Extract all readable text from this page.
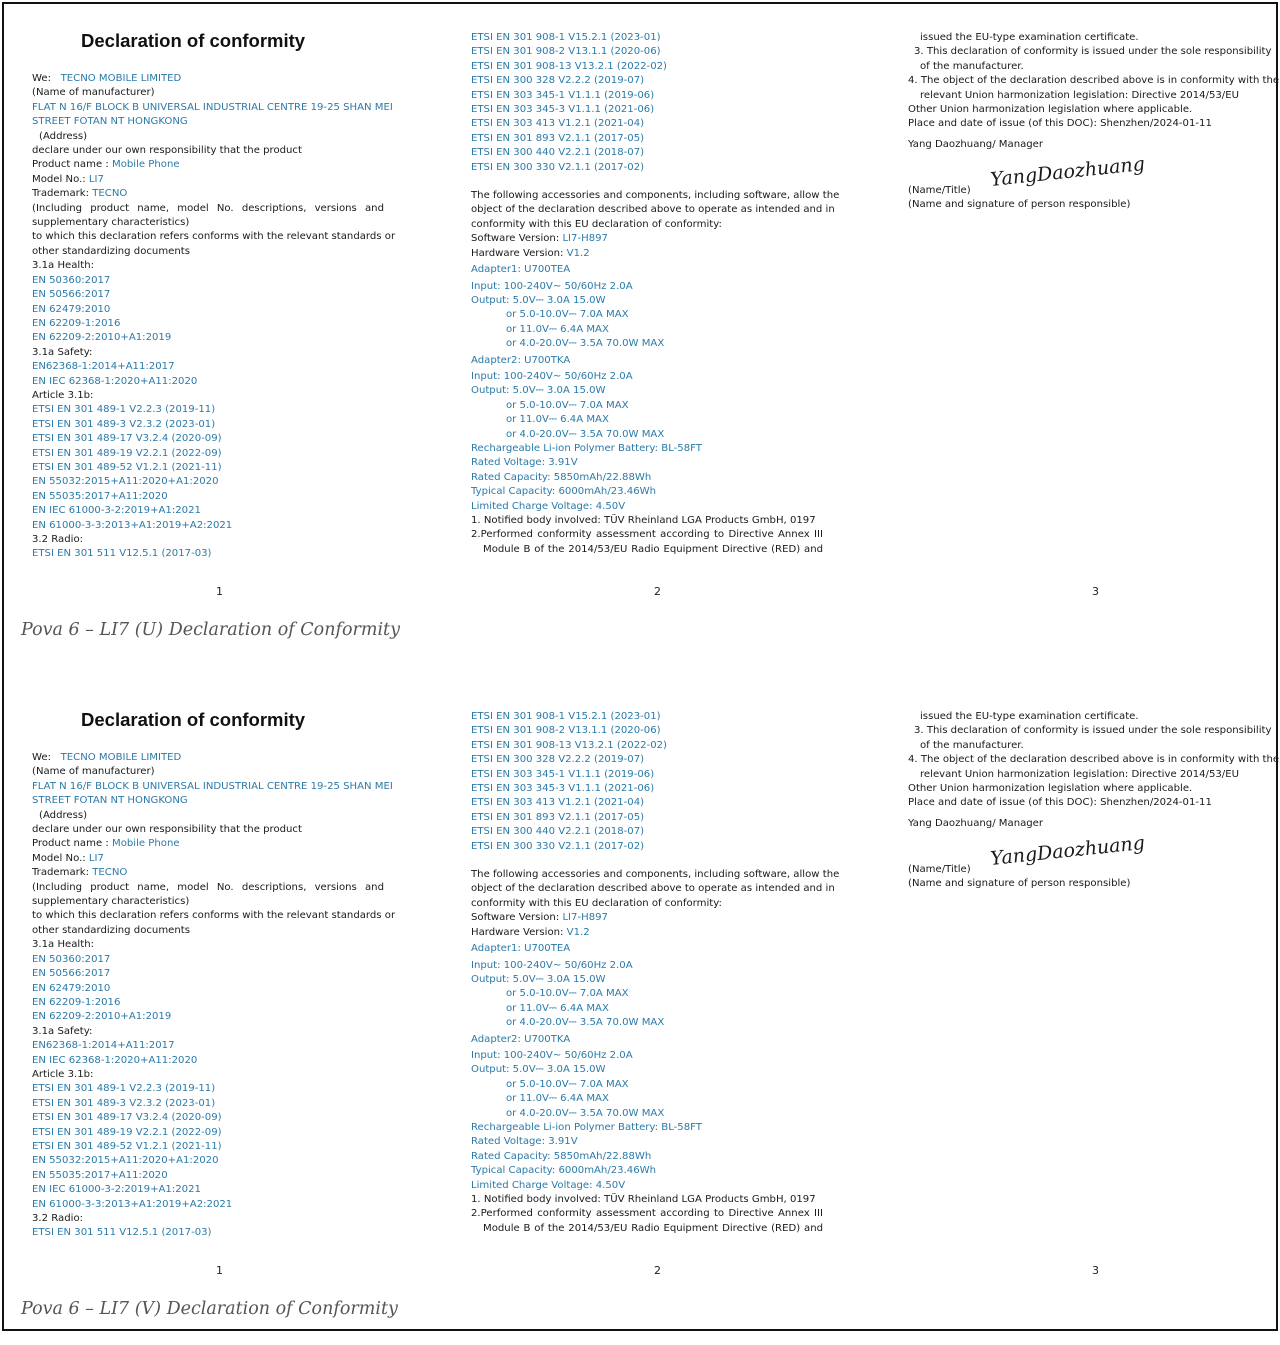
Declaration of conformity
We: TECNO MOBILE LIMITED
(Name of manufacturer)
FLAT N 16/F BLOCK B UNIVERSAL INDUSTRIAL CENTRE 19-25 SHAN MEI
STREET FOTAN NT HONGKONG
(Address)
declare under our own responsibility that the product
Product name : Mobile Phone
Model No.: LI7
Trademark: TECNO
(Including product name, model No. descriptions, versions and
supplementary characteristics)
to which this declaration refers conforms with the relevant standards or
other standardizing documents
3.1a Health:
EN 50360:2017
EN 50566:2017
EN 62479:2010
EN 62209-1:2016
EN 62209-2:2010+A1:2019
3.1a Safety:
EN62368-1:2014+A11:2017
EN IEC 62368-1:2020+A11:2020
Article 3.1b:
ETSI EN 301 489-1 V2.2.3 (2019-11)
ETSI EN 301 489-3 V2.3.2 (2023-01)
ETSI EN 301 489-17 V3.2.4 (2020-09)
ETSI EN 301 489-19 V2.2.1 (2022-09)
ETSI EN 301 489-52 V1.2.1 (2021-11)
EN 55032:2015+A11:2020+A1:2020
EN 55035:2017+A11:2020
EN IEC 61000-3-2:2019+A1:2021
EN 61000-3-3:2013+A1:2019+A2:2021
3.2 Radio:
ETSI EN 301 511 V12.5.1 (2017-03)
ETSI EN 301 908-1 V15.2.1 (2023-01)
ETSI EN 301 908-2 V13.1.1 (2020-06)
ETSI EN 301 908-13 V13.2.1 (2022-02)
ETSI EN 300 328 V2.2.2 (2019-07)
ETSI EN 303 345-1 V1.1.1 (2019-06)
ETSI EN 303 345-3 V1.1.1 (2021-06)
ETSI EN 303 413 V1.2.1 (2021-04)
ETSI EN 301 893 V2.1.1 (2017-05)
ETSI EN 300 440 V2.2.1 (2018-07)
ETSI EN 300 330 V2.1.1 (2017-02)
The following accessories and components, including software, allow the
object of the declaration described above to operate as intended and in
conformity with this EU declaration of conformity:
Software Version: LI7-H897
Hardware Version: V1.2
Adapter1: U700TEA
Input: 100-240V~ 50/60Hz 2.0A
Output: 5.0V⎓ 3.0A 15.0W
or 5.0-10.0V⎓ 7.0A MAX
or 11.0V⎓ 6.4A MAX
or 4.0-20.0V⎓ 3.5A 70.0W MAX
Adapter2: U700TKA
Input: 100-240V~ 50/60Hz 2.0A
Output: 5.0V⎓ 3.0A 15.0W
or 5.0-10.0V⎓ 7.0A MAX
or 11.0V⎓ 6.4A MAX
or 4.0-20.0V⎓ 3.5A 70.0W MAX
Rechargeable Li-ion Polymer Battery: BL-58FT
Rated Voltage: 3.91V
Rated Capacity: 5850mAh/22.88Wh
Typical Capacity: 6000mAh/23.46Wh
Limited Charge Voltage: 4.50V
1. Notified body involved: TÜV Rheinland LGA Products GmbH, 0197
2.Performed conformity assessment according to Directive Annex III
Module B of the 2014/53/EU Radio Equipment Directive (RED) and
issued the EU-type examination certificate.
3. This declaration of conformity is issued under the sole responsibility
of the manufacturer.
4. The object of the declaration described above is in conformity with the
relevant Union harmonization legislation: Directive 2014/53/EU
Other Union harmonization legislation where applicable.
Place and date of issue (of this DOC): Shenzhen/2024-01-11
Yang Daozhuang/ Manager
YangDaozhuang
(Name/Title)
(Name and signature of person responsible)
1	2	3
Pova 6 – LI7 (U) Declaration of Conformity
Declaration of conformity
We: TECNO MOBILE LIMITED
(Name of manufacturer)
FLAT N 16/F BLOCK B UNIVERSAL INDUSTRIAL CENTRE 19-25 SHAN MEI
STREET FOTAN NT HONGKONG
(Address)
declare under our own responsibility that the product
Product name : Mobile Phone
Model No.: LI7
Trademark: TECNO
(Including product name, model No. descriptions, versions and
supplementary characteristics)
to which this declaration refers conforms with the relevant standards or
other standardizing documents
3.1a Health:
EN 50360:2017
EN 50566:2017
EN 62479:2010
EN 62209-1:2016
EN 62209-2:2010+A1:2019
3.1a Safety:
EN62368-1:2014+A11:2017
EN IEC 62368-1:2020+A11:2020
Article 3.1b:
ETSI EN 301 489-1 V2.2.3 (2019-11)
ETSI EN 301 489-3 V2.3.2 (2023-01)
ETSI EN 301 489-17 V3.2.4 (2020-09)
ETSI EN 301 489-19 V2.2.1 (2022-09)
ETSI EN 301 489-52 V1.2.1 (2021-11)
EN 55032:2015+A11:2020+A1:2020
EN 55035:2017+A11:2020
EN IEC 61000-3-2:2019+A1:2021
EN 61000-3-3:2013+A1:2019+A2:2021
3.2 Radio:
ETSI EN 301 511 V12.5.1 (2017-03)
ETSI EN 301 908-1 V15.2.1 (2023-01)
ETSI EN 301 908-2 V13.1.1 (2020-06)
ETSI EN 301 908-13 V13.2.1 (2022-02)
ETSI EN 300 328 V2.2.2 (2019-07)
ETSI EN 303 345-1 V1.1.1 (2019-06)
ETSI EN 303 345-3 V1.1.1 (2021-06)
ETSI EN 303 413 V1.2.1 (2021-04)
ETSI EN 301 893 V2.1.1 (2017-05)
ETSI EN 300 440 V2.2.1 (2018-07)
ETSI EN 300 330 V2.1.1 (2017-02)
The following accessories and components, including software, allow the
object of the declaration described above to operate as intended and in
conformity with this EU declaration of conformity:
Software Version: LI7-H897
Hardware Version: V1.2
Adapter1: U700TEA
Input: 100-240V~ 50/60Hz 2.0A
Output: 5.0V⎓ 3.0A 15.0W
or 5.0-10.0V⎓ 7.0A MAX
or 11.0V⎓ 6.4A MAX
or 4.0-20.0V⎓ 3.5A 70.0W MAX
Adapter2: U700TKA
Input: 100-240V~ 50/60Hz 2.0A
Output: 5.0V⎓ 3.0A 15.0W
or 5.0-10.0V⎓ 7.0A MAX
or 11.0V⎓ 6.4A MAX
or 4.0-20.0V⎓ 3.5A 70.0W MAX
Rechargeable Li-ion Polymer Battery: BL-58FT
Rated Voltage: 3.91V
Rated Capacity: 5850mAh/22.88Wh
Typical Capacity: 6000mAh/23.46Wh
Limited Charge Voltage: 4.50V
1. Notified body involved: TÜV Rheinland LGA Products GmbH, 0197
2.Performed conformity assessment according to Directive Annex III
Module B of the 2014/53/EU Radio Equipment Directive (RED) and
issued the EU-type examination certificate.
3. This declaration of conformity is issued under the sole responsibility
of the manufacturer.
4. The object of the declaration described above is in conformity with the
relevant Union harmonization legislation: Directive 2014/53/EU
Other Union harmonization legislation where applicable.
Place and date of issue (of this DOC): Shenzhen/2024-01-11
Yang Daozhuang/ Manager
YangDaozhuang
(Name/Title)
(Name and signature of person responsible)
1	2	3
Pova 6 – LI7 (V) Declaration of Conformity
